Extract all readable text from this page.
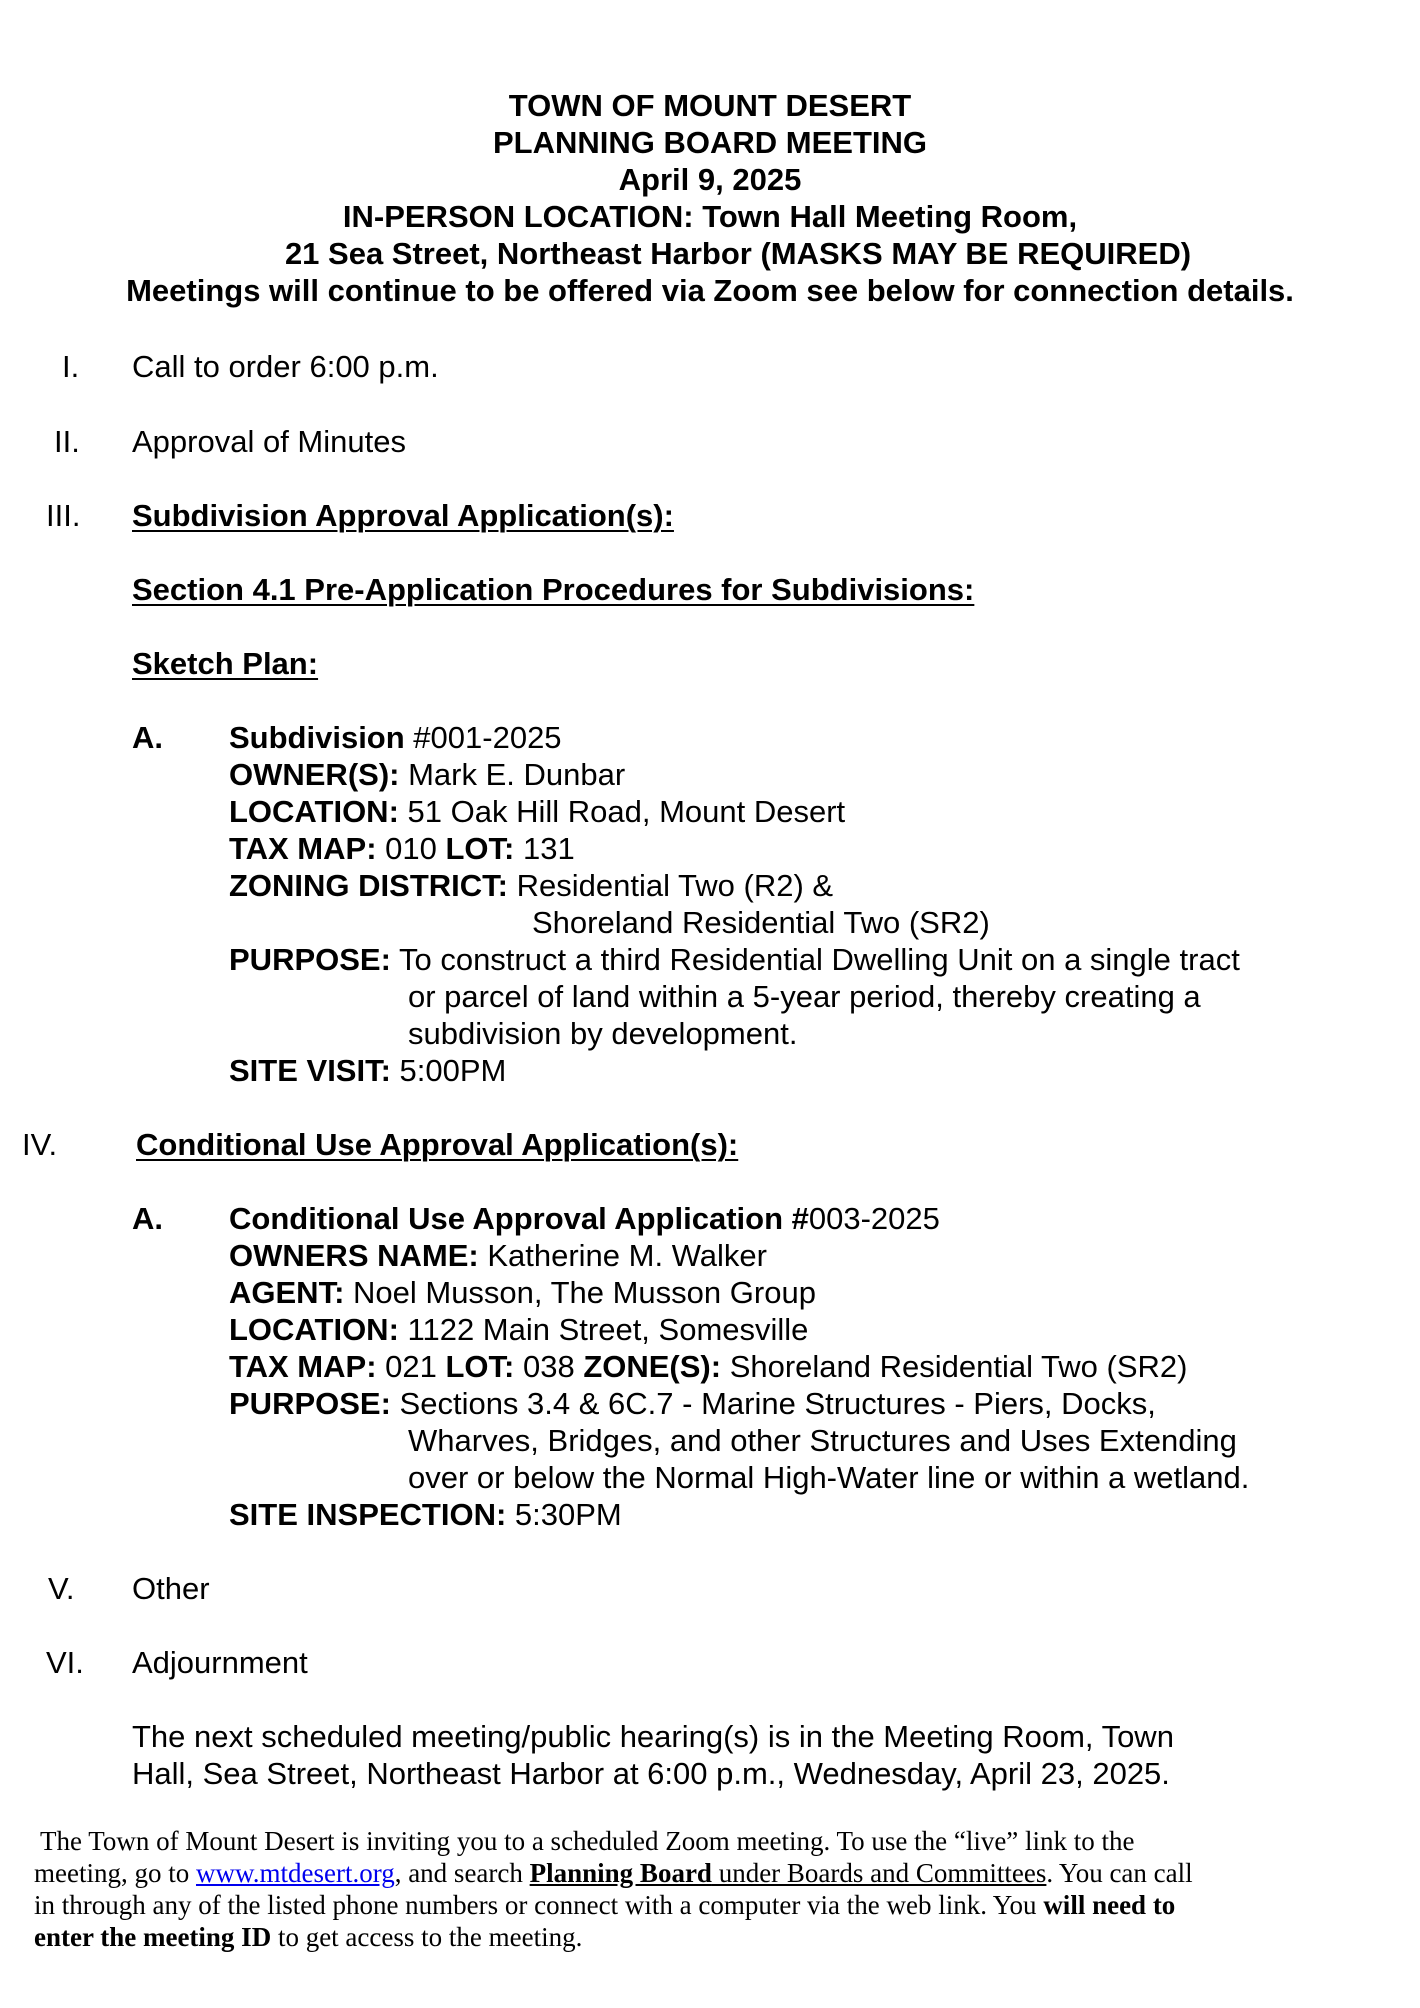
TOWN OF MOUNT DESERT
PLANNING BOARD MEETING
April 9, 2025
IN-PERSON LOCATION: Town Hall Meeting Room,
21 Sea Street, Northeast Harbor (MASKS MAY BE REQUIRED)
Meetings will continue to be offered via Zoom see below for connection details.
I. Call to order 6:00 p.m.
II. Approval of Minutes
III. Subdivision Approval Application(s):
Section 4.1 Pre-Application Procedures for Subdivisions:
Sketch Plan:
A. Subdivision #001-2025
OWNER(S): Mark E. Dunbar
LOCATION: 51 Oak Hill Road, Mount Desert
TAX MAP: 010 LOT: 131
ZONING DISTRICT: Residential Two (R2) &
Shoreland Residential Two (SR2)
PURPOSE: To construct a third Residential Dwelling Unit on a single tract
or parcel of land within a 5-year period, thereby creating a
subdivision by development.
SITE VISIT: 5:00PM
IV.	Conditional Use Approval Application(s):
A. Conditional Use Approval Application #003-2025
OWNERS NAME: Katherine M. Walker
AGENT: Noel Musson, The Musson Group
LOCATION: 1122 Main Street, Somesville
TAX MAP: 021 LOT: 038 ZONE(S): Shoreland Residential Two (SR2)
PURPOSE: Sections 3.4 & 6C.7 - Marine Structures - Piers, Docks,
Wharves, Bridges, and other Structures and Uses Extending
over or below the Normal High-Water line or within a wetland.
SITE INSPECTION: 5:30PM
V. Other
VI. Adjournment
The next scheduled meeting/public hearing(s) is in the Meeting Room, Town
Hall, Sea Street, Northeast Harbor at 6:00 p.m., Wednesday, April 23, 2025.
The Town of Mount Desert is inviting you to a scheduled Zoom meeting. To use the “live” link to the
meeting, go to www.mtdesert.org, and search Planning Board under Boards and Committees. You can call
in through any of the listed phone numbers or connect with a computer via the web link. You will need to
enter the meeting ID to get access to the meeting.
